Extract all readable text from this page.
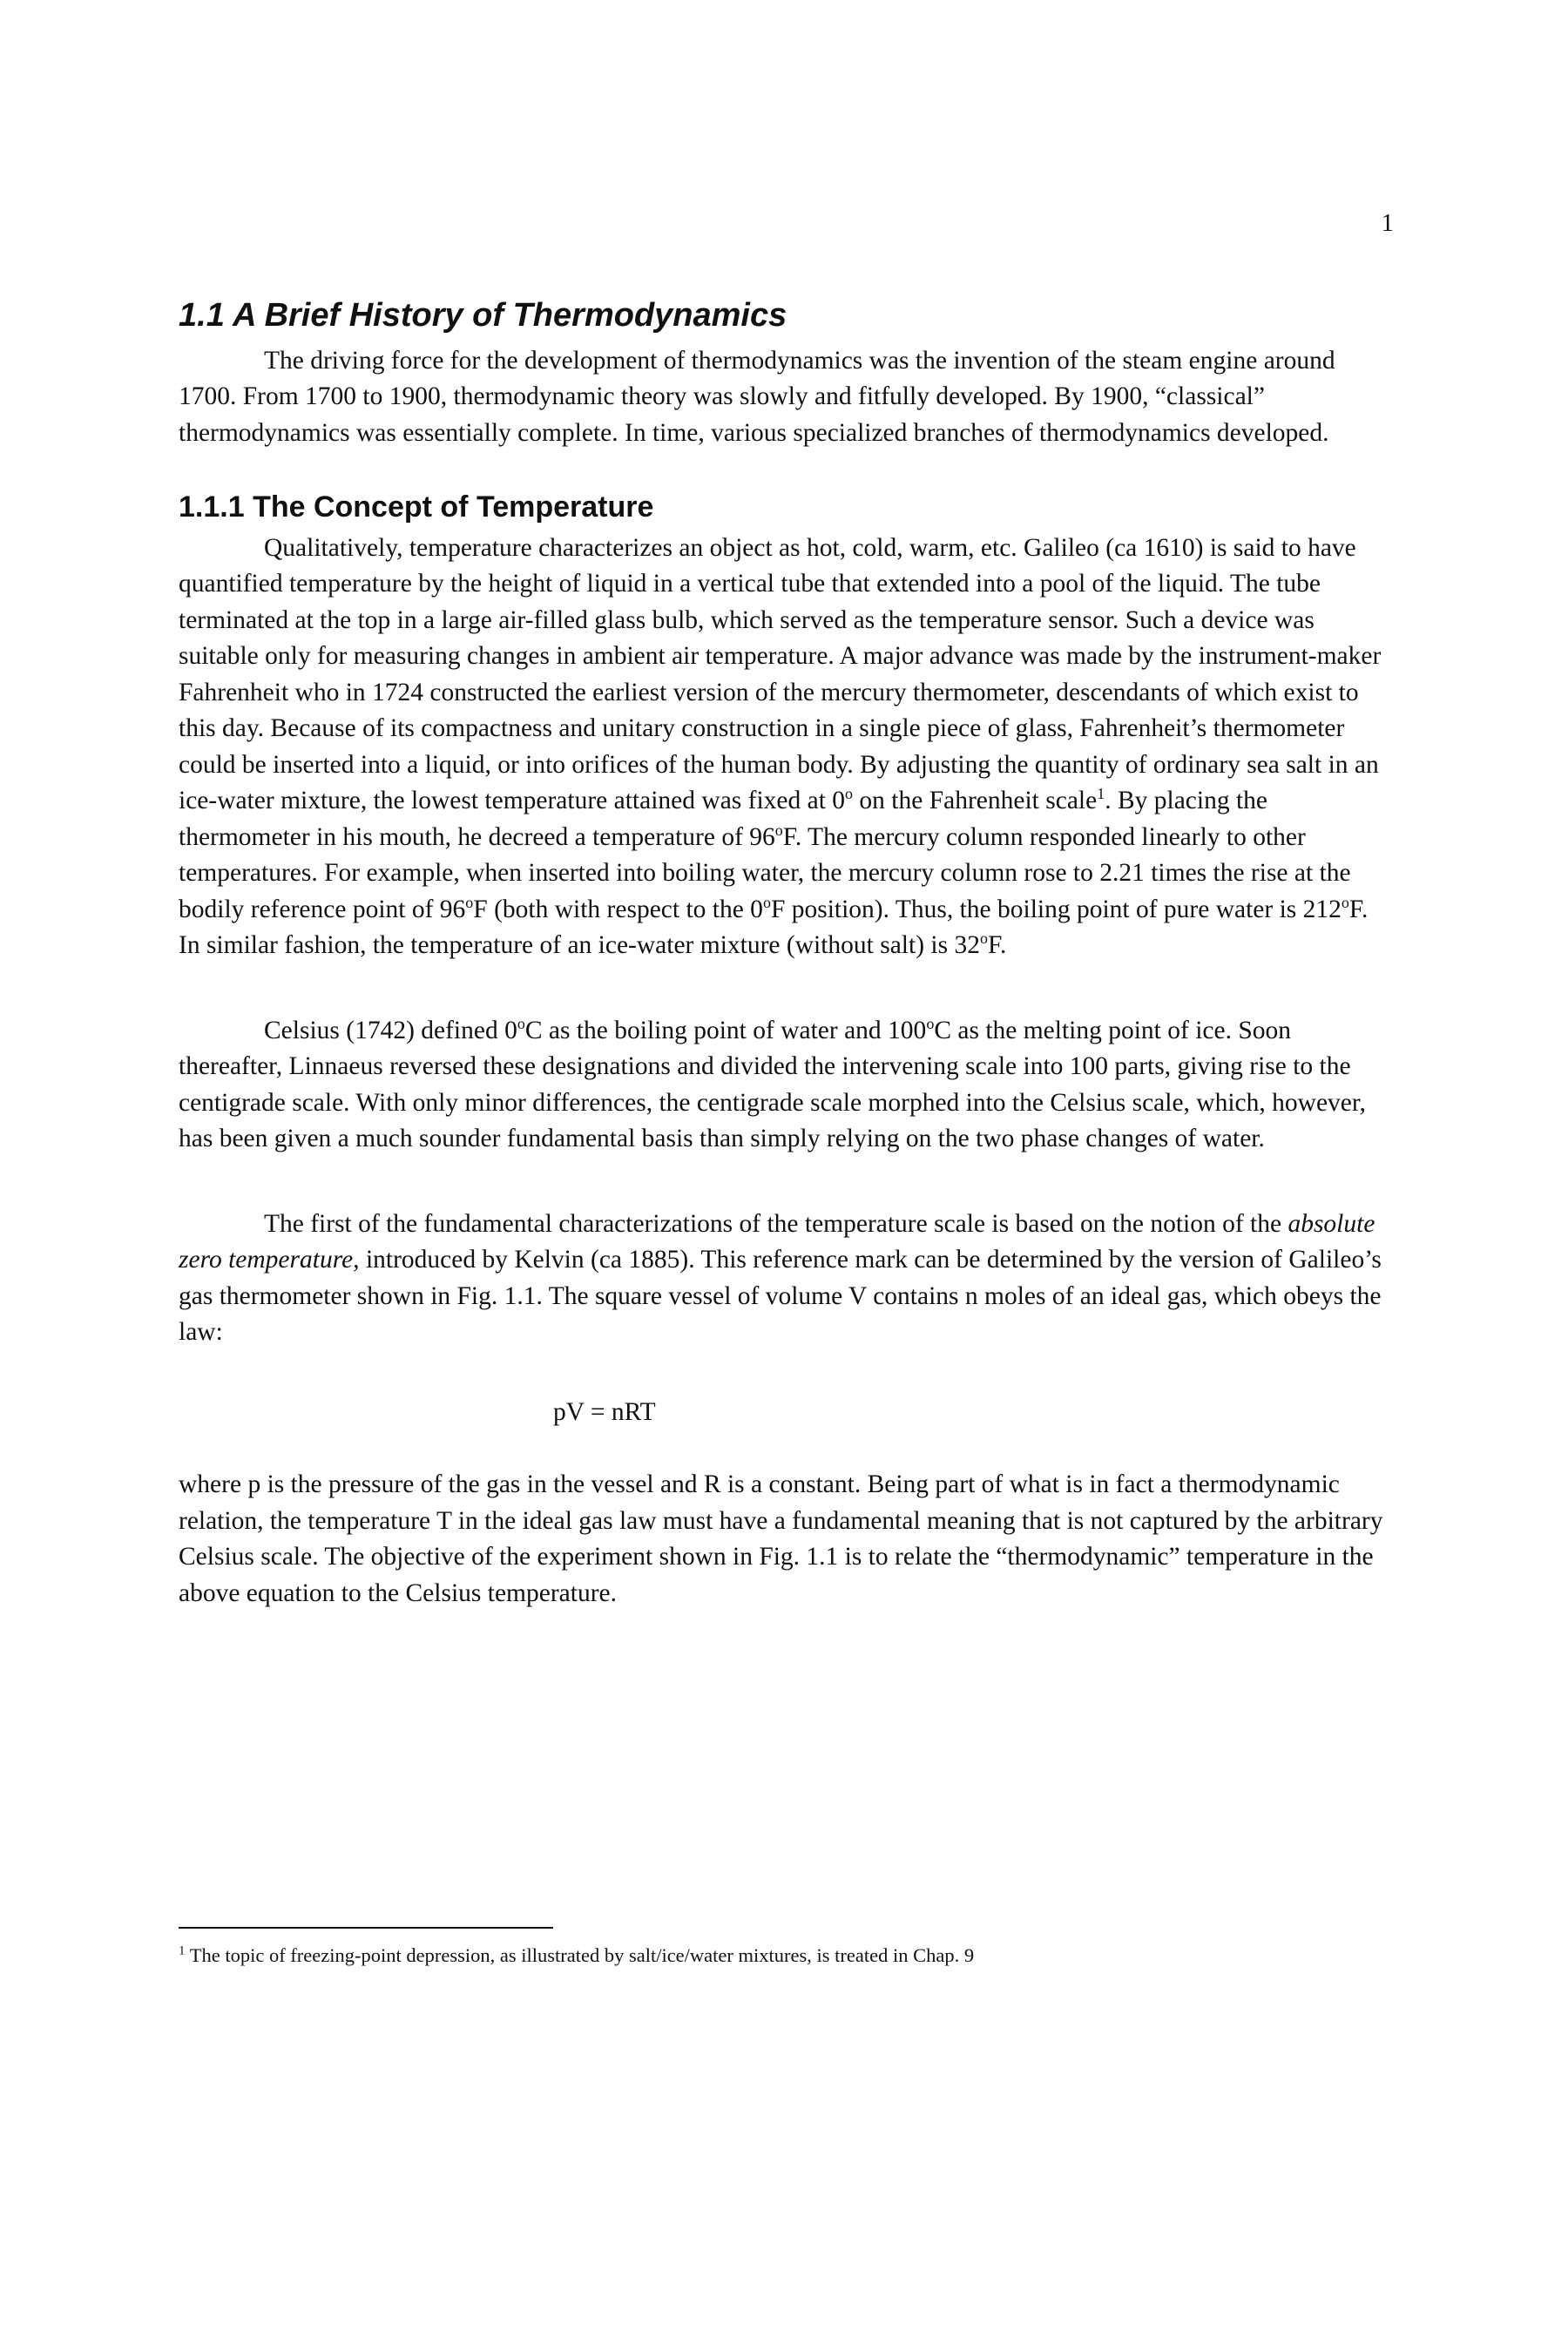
1
1.1 A Brief History of Thermodynamics

The driving force for the development of thermodynamics was the invention of the steam engine around 1700. From 1700 to 1900, thermodynamic theory was slowly and fitfully developed. By 1900, “classical” thermodynamics was essentially complete. In time, various specialized branches of thermodynamics developed.

1.1.1 The Concept of Temperature

Qualitatively, temperature characterizes an object as hot, cold, warm, etc. Galileo (ca 1610) is said to have quantified temperature by the height of liquid in a vertical tube that extended into a pool of the liquid. The tube terminated at the top in a large air-filled glass bulb, which served as the temperature sensor. Such a device was suitable only for measuring changes in ambient air temperature. A major advance was made by the instrument-maker Fahrenheit who in 1724 constructed the earliest version of the mercury thermometer, descendants of which exist to this day. Because of its compactness and unitary construction in a single piece of glass, Fahrenheit’s thermometer could be inserted into a liquid, or into orifices of the human body. By adjusting the quantity of ordinary sea salt in an ice-water mixture, the lowest temperature attained was fixed at 0$^o$ on the Fahrenheit scale$^1$. By placing the thermometer in his mouth, he decreed a temperature of 96$^o$F. The mercury column responded linearly to other temperatures. For example, when inserted into boiling water, the mercury column rose to 2.21 times the rise at the bodily reference point of 96$^o$F (both with respect to the 0$^o$F position). Thus, the boiling point of pure water is 212$^o$F. In similar fashion, the temperature of an ice-water mixture (without salt) is 32$^o$F.

Celsius (1742) defined 0$^o$C as the boiling point of water and 100$^o$C as the melting point of ice. Soon thereafter, Linnaeus reversed these designations and divided the intervening scale into 100 parts, giving rise to the centigrade scale. With only minor differences, the centigrade scale morphed into the Celsius scale, which, however, has been given a much sounder fundamental basis than simply relying on the two phase changes of water.

The first of the fundamental characterizations of the temperature scale is based on the notion of the absolute zero temperature, introduced by Kelvin (ca 1885). This reference mark can be determined by the version of Galileo’s gas thermometer shown in Fig. 1.1. The square vessel of volume V contains n moles of an ideal gas, which obeys the law:

pV = nRT

where p is the pressure of the gas in the vessel and R is a constant. Being part of what is in fact a thermodynamic relation, the temperature T in the ideal gas law must have a fundamental meaning that is not captured by the arbitrary Celsius scale. The objective of the experiment shown in Fig. 1.1 is to relate the “thermodynamic” temperature in the above equation to the Celsius temperature.

$^1$ The topic of freezing-point depression, as illustrated by salt/ice/water mixtures, is treated in Chap. 9
